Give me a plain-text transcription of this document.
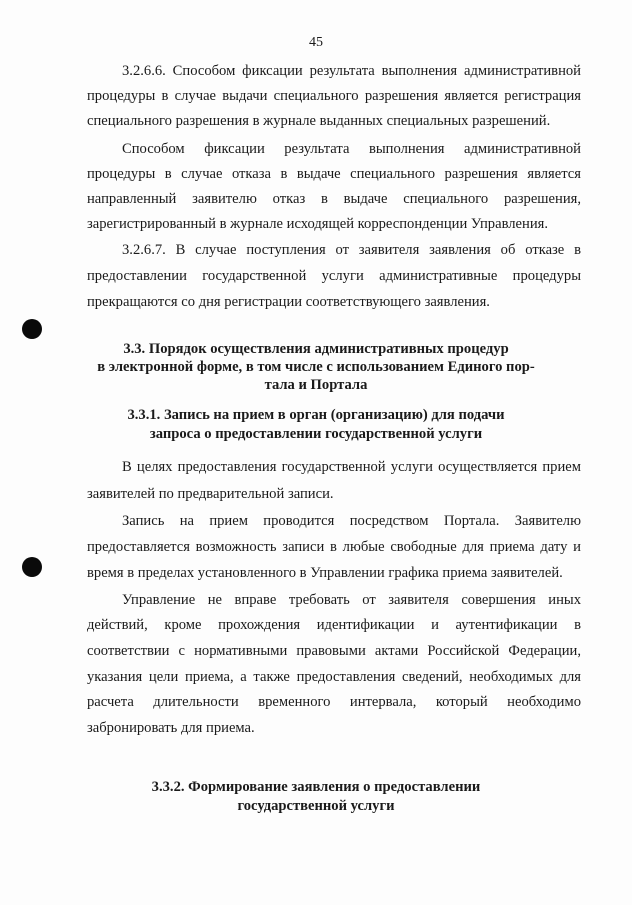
45
3.2.6.6. Способом фиксации результата выполнения административной
процедуры в случае выдачи специального разрешения является регистрация
специального разрешения в журнале выданных специальных разрешений.
Способом фиксации результата выполнения административной
процедуры в случае отказа в выдаче специального разрешения является
направленный заявителю отказ в выдаче специального разрешения,
зарегистрированный в журнале исходящей корреспонденции Управления.
3.2.6.7. В случае поступления от заявителя заявления об отказе в
предоставлении государственной услуги административные процедуры
прекращаются со дня регистрации соответствующего заявления.
3.3. Порядок осуществления административных процедур
в электронной форме, в том числе с использованием Единого пор-
тала и Портала
3.3.1. Запись на прием в орган (организацию) для подачи
запроса о предоставлении государственной услуги
В целях предоставления государственной услуги осуществляется прием
заявителей по предварительной записи.
Запись на прием проводится посредством Портала. Заявителю
предоставляется возможность записи в любые свободные для приема дату и
время в пределах установленного в Управлении графика приема заявителей.
Управление не вправе требовать от заявителя совершения иных
действий, кроме прохождения идентификации и аутентификации в
соответствии с нормативными правовыми актами Российской Федерации,
указания цели приема, а также предоставления сведений, необходимых для
расчета длительности временного интервала, который необходимо
забронировать для приема.
3.3.2. Формирование заявления о предоставлении
государственной услуги
